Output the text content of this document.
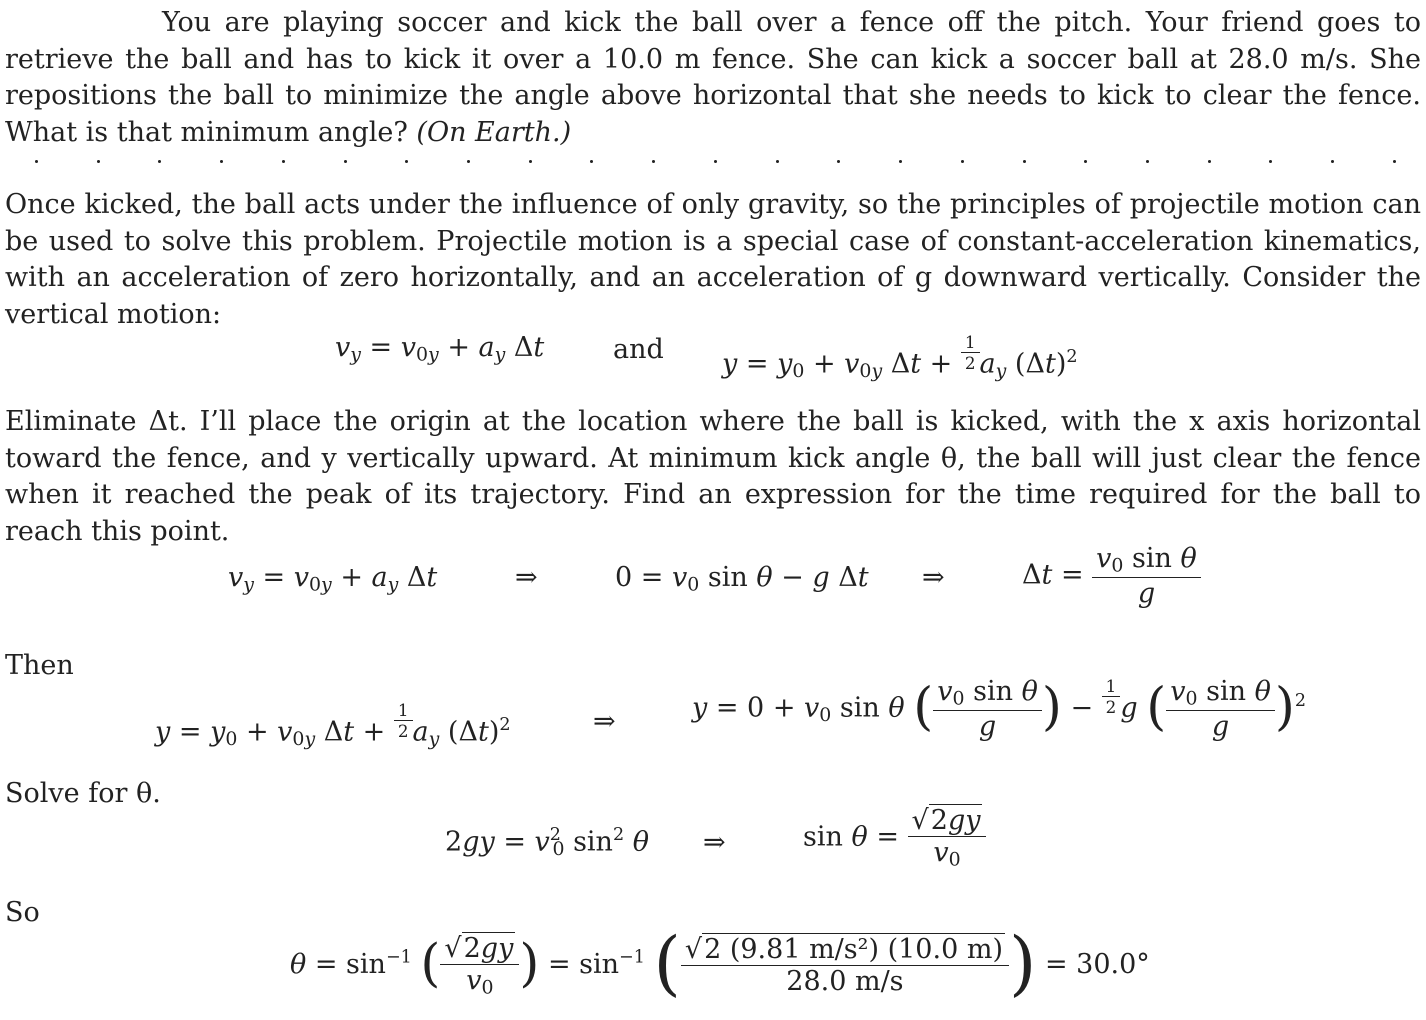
You are playing soccer and kick the ball over a fence off the pitch. Your friend goes to retrieve the ball and has to kick it over a 10.0 m fence. She can kick a soccer ball at 28.0 m/s. She repositions the ball to minimize the angle above horizontal that she needs to kick to clear the fence. What is that minimum angle? (On Earth.)

Once kicked, the ball acts under the influence of only gravity, so the principles of projectile motion can be used to solve this problem. Projectile motion is a special case of constant-acceleration kinematics, with an acceleration of zero horizontally, and an acceleration of g downward vertically. Consider the vertical motion:

$v_y = v_{0y} + a_y$ Δt	and $y = y_0 + v_{0y}$ $\Delta t + \frac{1}{2} a_y$ $(\Delta t)^2$

Eliminate Δt. I’ll place the origin at the location where the ball is kicked, with the x axis horizontal toward the fence, and y vertically upward. At minimum kick angle θ, the ball will just clear the fence when it reached the peak of its trajectory. Find an expression for the time required for the ball to reach this point.

$v_y = v_{0y} + a_y$ Δt	⇒	$0 = v_0$ sin θ − g Δt ⇒	$\Delta t = \frac{v_0 \sin \theta}{g}$
Then
$y = y_0 + v_{0y}$ $\Delta t + \frac{1}{2} a_y$ $(\Delta t)^2$	⇒	$y = 0 + v_0$ sin θ ( $\frac{v_0 \sin \theta}{g}$ ) − $\frac{1}{2}$ g ( $\frac{v_0 \sin \theta}{g} )^2$
Solve for θ.
$2gy = v^2_0$ $\sin^2 \theta$ ⇒	$\sin \theta = \frac{√2gy}{v_0}$
So
$\theta = \sin^{-1}$ ( $\frac{√2gy}{v_0}$ ) = $\sin^{-1}$ ( $\frac{\text{√2 (9.81 m/s²) (10.0 m)}}{28.0 m/s}$ ) = 30.0°
